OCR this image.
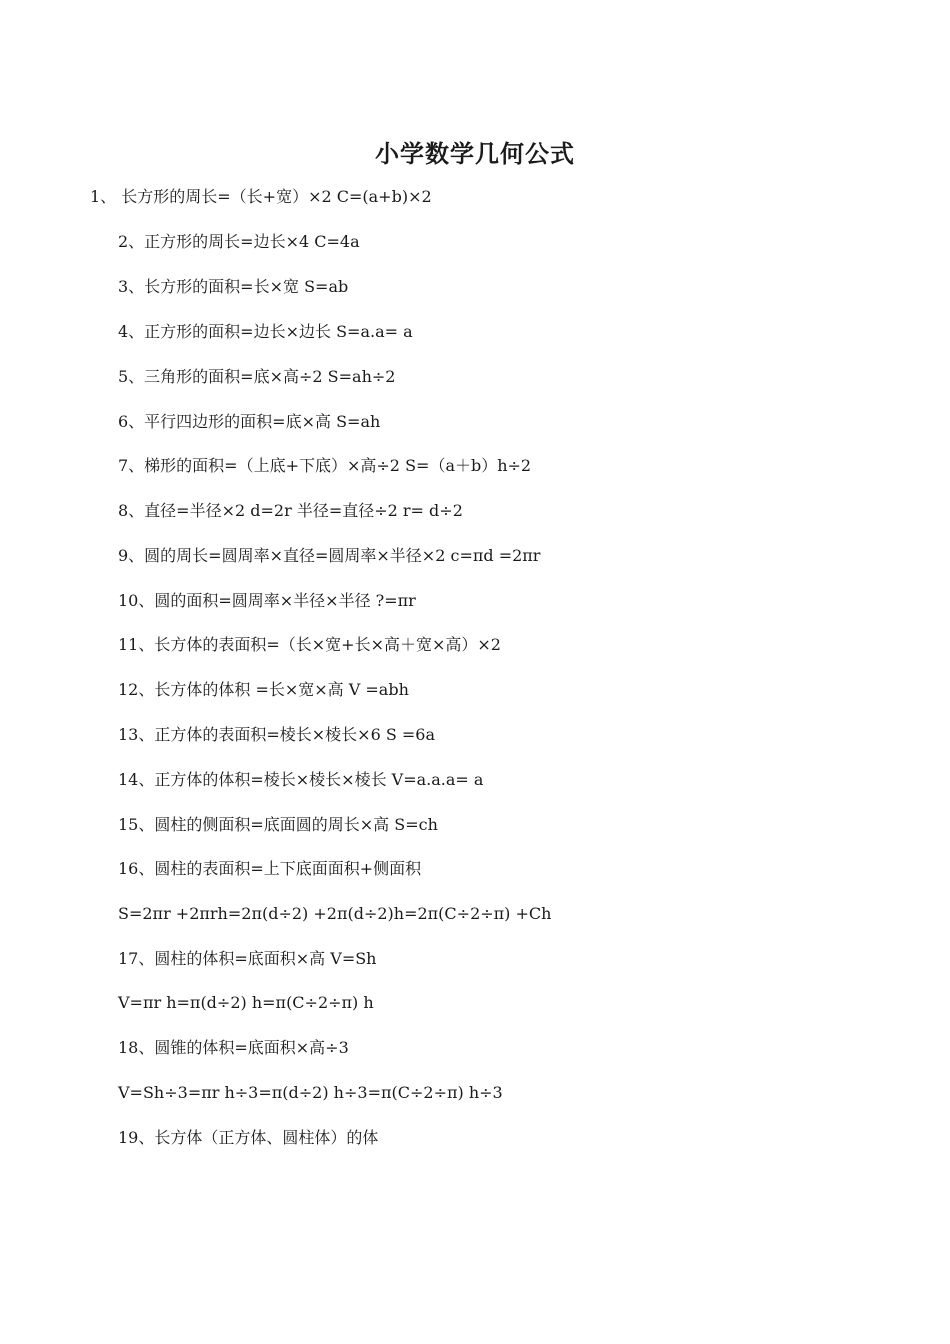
小学数学几何公式
1、 长方形的周长=（长+宽）×2 C=(a+b)×2
2、正方形的周长=边长×4 C=4a
3、长方形的面积=长×宽 S=ab
4、正方形的面积=边长×边长 S=a.a= a
5、三角形的面积=底×高÷2 S=ah÷2
6、平行四边形的面积=底×高 S=ah
7、梯形的面积=（上底+下底）×高÷2 S=（a＋b）h÷2
8、直径=半径×2 d=2r 半径=直径÷2 r= d÷2
9、圆的周长=圆周率×直径=圆周率×半径×2 c=πd =2πr
10、圆的面积=圆周率×半径×半径 ?=πr
11、长方体的表面积=（长×宽+长×高＋宽×高）×2
12、长方体的体积 =长×宽×高 V =abh
13、正方体的表面积=棱长×棱长×6 S =6a
14、正方体的体积=棱长×棱长×棱长 V=a.a.a= a
15、圆柱的侧面积=底面圆的周长×高 S=ch
16、圆柱的表面积=上下底面面积+侧面积
S=2πr +2πrh=2π(d÷2) +2π(d÷2)h=2π(C÷2÷π) +Ch
17、圆柱的体积=底面积×高 V=Sh
V=πr h=π(d÷2) h=π(C÷2÷π) h
18、圆锥的体积=底面积×高÷3
V=Sh÷3=πr h÷3=π(d÷2) h÷3=π(C÷2÷π) h÷3
19、长方体（正方体、圆柱体）的体
